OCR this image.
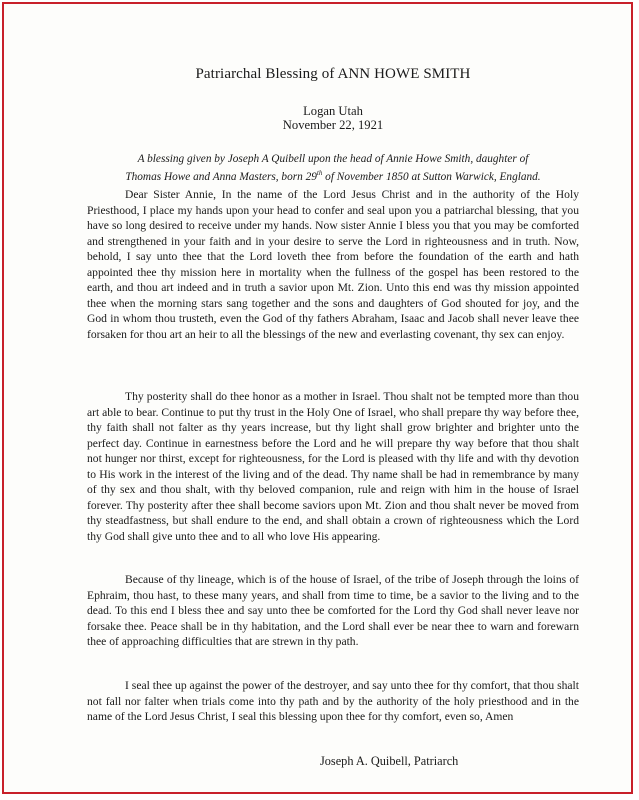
Patriarchal Blessing of ANN HOWE SMITH
Logan Utah
November 22, 1921
A blessing given by Joseph A Quibell upon the head of Annie Howe Smith, daughter of
Thomas Howe and Anna Masters, born 29th of November 1850 at Sutton Warwick, England.

Dear Sister Annie, In the name of the Lord Jesus Christ and in the authority of the Holy Priesthood, I place my hands upon your head to confer and seal upon you a patriarchal blessing, that you have so long desired to receive under my hands. Now sister Annie I bless you that you may be comforted and strengthened in your faith and in your desire to serve the Lord in righteousness and in truth. Now, behold, I say unto thee that the Lord loveth thee from before the foundation of the earth and hath appointed thee thy mission here in mortality when the fullness of the gospel has been restored to the earth, and thou art indeed and in truth a savior upon Mt. Zion. Unto this end was thy mission appointed thee when the morning stars sang together and the sons and daughters of God shouted for joy, and the God in whom thou trusteth, even the God of thy fathers Abraham, Isaac and Jacob shall never leave thee forsaken for thou art an heir to all the blessings of the new and everlasting covenant, thy sex can enjoy.

Thy posterity shall do thee honor as a mother in Israel. Thou shalt not be tempted more than thou art able to bear. Continue to put thy trust in the Holy One of Israel, who shall prepare thy way before thee, thy faith shall not falter as thy years increase, but thy light shall grow brighter and brighter unto the perfect day. Continue in earnestness before the Lord and he will prepare thy way before that thou shalt not hunger nor thirst, except for righteousness, for the Lord is pleased with thy life and with thy devotion to His work in the interest of the living and of the dead. Thy name shall be had in remembrance by many of thy sex and thou shalt, with thy beloved companion, rule and reign with him in the house of Israel forever. Thy posterity after thee shall become saviors upon Mt. Zion and thou shalt never be moved from thy steadfastness, but shall endure to the end, and shall obtain a crown of righteousness which the Lord thy God shall give unto thee and to all who love His appearing.

Because of thy lineage, which is of the house of Israel, of the tribe of Joseph through the loins of Ephraim, thou hast, to these many years, and shall from time to time, be a savior to the living and to the dead. To this end I bless thee and say unto thee be comforted for the Lord thy God shall never leave nor forsake thee. Peace shall be in thy habitation, and the Lord shall ever be near thee to warn and forewarn thee of approaching difficulties that are strewn in thy path.

I seal thee up against the power of the destroyer, and say unto thee for thy comfort, that thou shalt not fall nor falter when trials come into thy path and by the authority of the holy priesthood and in the name of the Lord Jesus Christ, I seal this blessing upon thee for thy comfort, even so, Amen

Joseph A. Quibell, Patriarch
